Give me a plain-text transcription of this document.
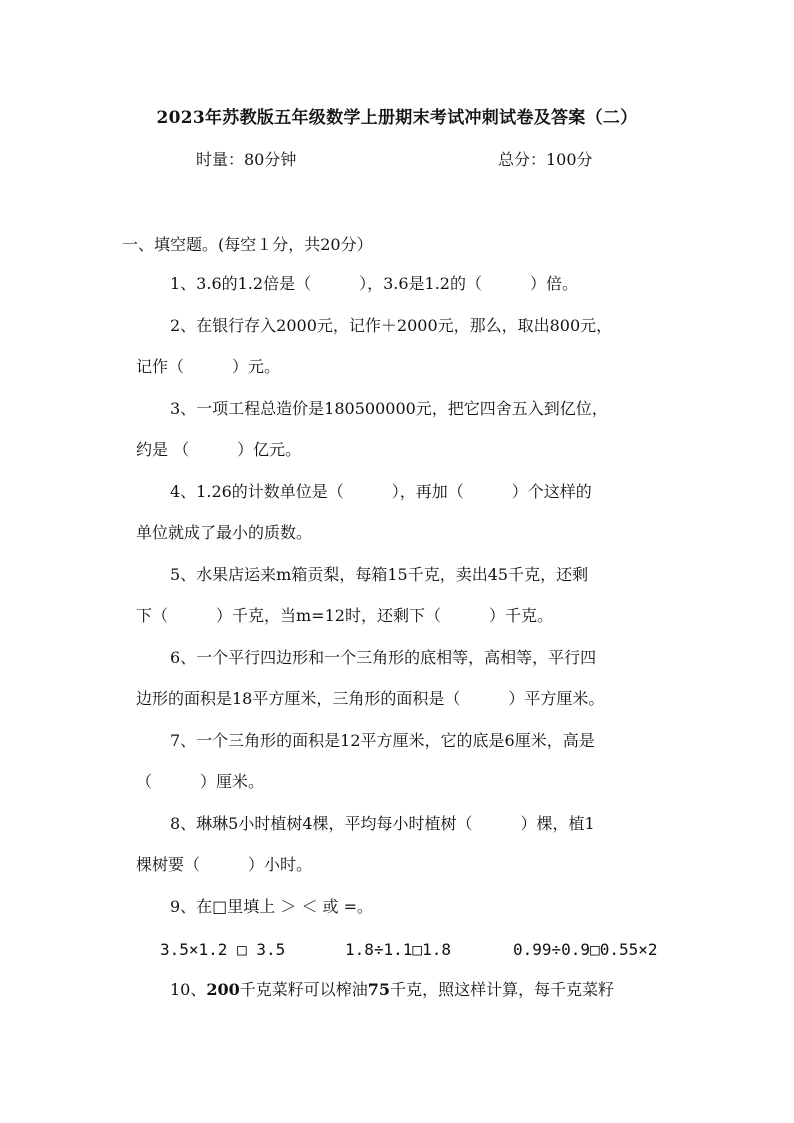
2023年苏教版五年级数学上册期末考试冲刺试卷及答案（二）
时量：80分钟	总分：100分
一、填空题。(每空１分，共20分）
1、3.6的1.2倍是（　　　），3.6是1.2的（　　　）倍。
2、在银行存入2000元，记作＋2000元，那么，取出800元，
记作（　　　）元。
3、一项工程总造价是180500000元，把它四舍五入到亿位，
约是 （　　　）亿元。
4、1.26的计数单位是（　　　），再加（　　　）个这样的
单位就成了最小的质数。
5、水果店运来m箱贡梨，每箱15千克，卖出45千克，还剩
下（　　　）千克，当m=12时，还剩下（　　　）千克。
6、一个平行四边形和一个三角形的底相等，高相等，平行四
边形的面积是18平方厘米，三角形的面积是（　　　）平方厘米。
7、一个三角形的面积是12平方厘米，它的底是6厘米，高是
（　　　）厘米。
8、琳琳5小时植树4棵，平均每小时植树（　　　）棵，植1
棵树要（　　　）小时。
9、在□里填上 ＞ ＜ 或 =。
3.5×1.2 □ 3.5	1.8÷1.1□1.8	0.99÷0.9□0.55×2
10、200千克菜籽可以榨油75千克，照这样计算，每千克菜籽
